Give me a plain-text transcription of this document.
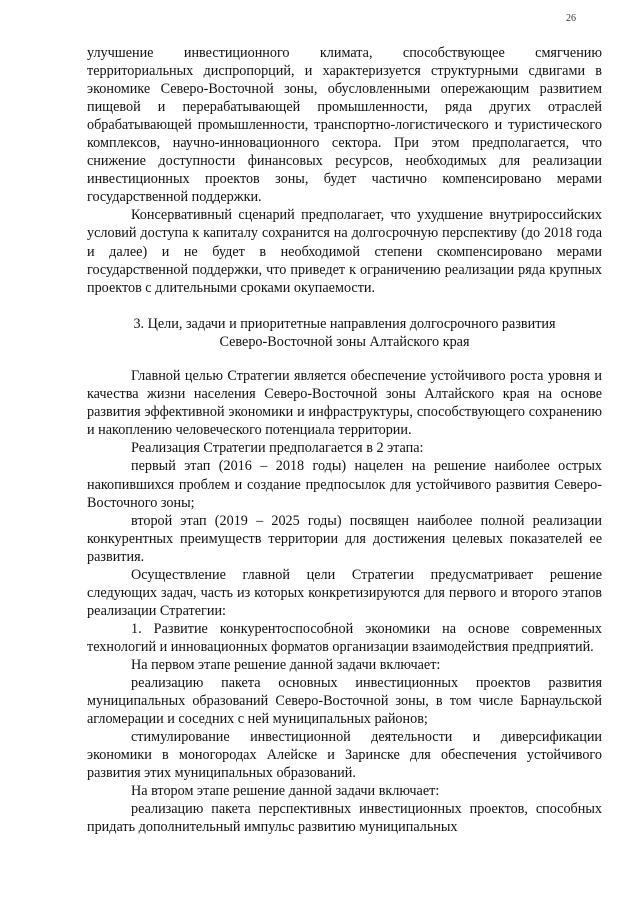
26

улучшение инвестиционного климата, способствующее смягчению территориальных диспропорций, и характеризуется структурными сдвигами в экономике Северо-Восточной зоны, обусловленными опережающим развитием пищевой и перерабатывающей промышленности, ряда других отраслей обрабатывающей промышленности, транспортно-логистического и туристического комплексов, научно-инновационного сектора. При этом предполагается, что снижение доступности финансовых ресурсов, необходимых для реализации инвестиционных проектов зоны, будет частично компенсировано мерами государственной поддержки.

Консервативный сценарий предполагает, что ухудшение внутрироссийских условий доступа к капиталу сохранится на долгосрочную перспективу (до 2018 года и далее) и не будет в необходимой степени скомпенсировано мерами государственной поддержки, что приведет к ограничению реализации ряда крупных проектов с длительными сроками окупаемости.

3. Цели, задачи и приоритетные направления долгосрочного развития
Северо-Восточной зоны Алтайского края

Главной целью Стратегии является обеспечение устойчивого роста уровня и качества жизни населения Северо-Восточной зоны Алтайского края на основе развития эффективной экономики и инфраструктуры, способствующего сохранению и накоплению человеческого потенциала территории.

Реализация Стратегии предполагается в 2 этапа:

первый этап (2016 – 2018 годы) нацелен на решение наиболее острых накопившихся проблем и создание предпосылок для устойчивого развития Северо-Восточного зоны;

второй этап (2019 – 2025 годы) посвящен наиболее полной реализации конкурентных преимуществ территории для достижения целевых показателей ее развития.

Осуществление главной цели Стратегии предусматривает решение следующих задач, часть из которых конкретизируются для первого и второго этапов реализации Стратегии:

1. Развитие конкурентоспособной экономики на основе современных технологий и инновационных форматов организации взаимодействия предприятий.

На первом этапе решение данной задачи включает:

реализацию пакета основных инвестиционных проектов развития муниципальных образований Северо-Восточной зоны, в том числе Барнаульской агломерации и соседних с ней муниципальных районов;

стимулирование инвестиционной деятельности и диверсификации экономики в моногородах Алейске и Заринске для обеспечения устойчивого развития этих муниципальных образований.

На втором этапе решение данной задачи включает:

реализацию пакета перспективных инвестиционных проектов, способных придать дополнительный импульс развитию муниципальных
